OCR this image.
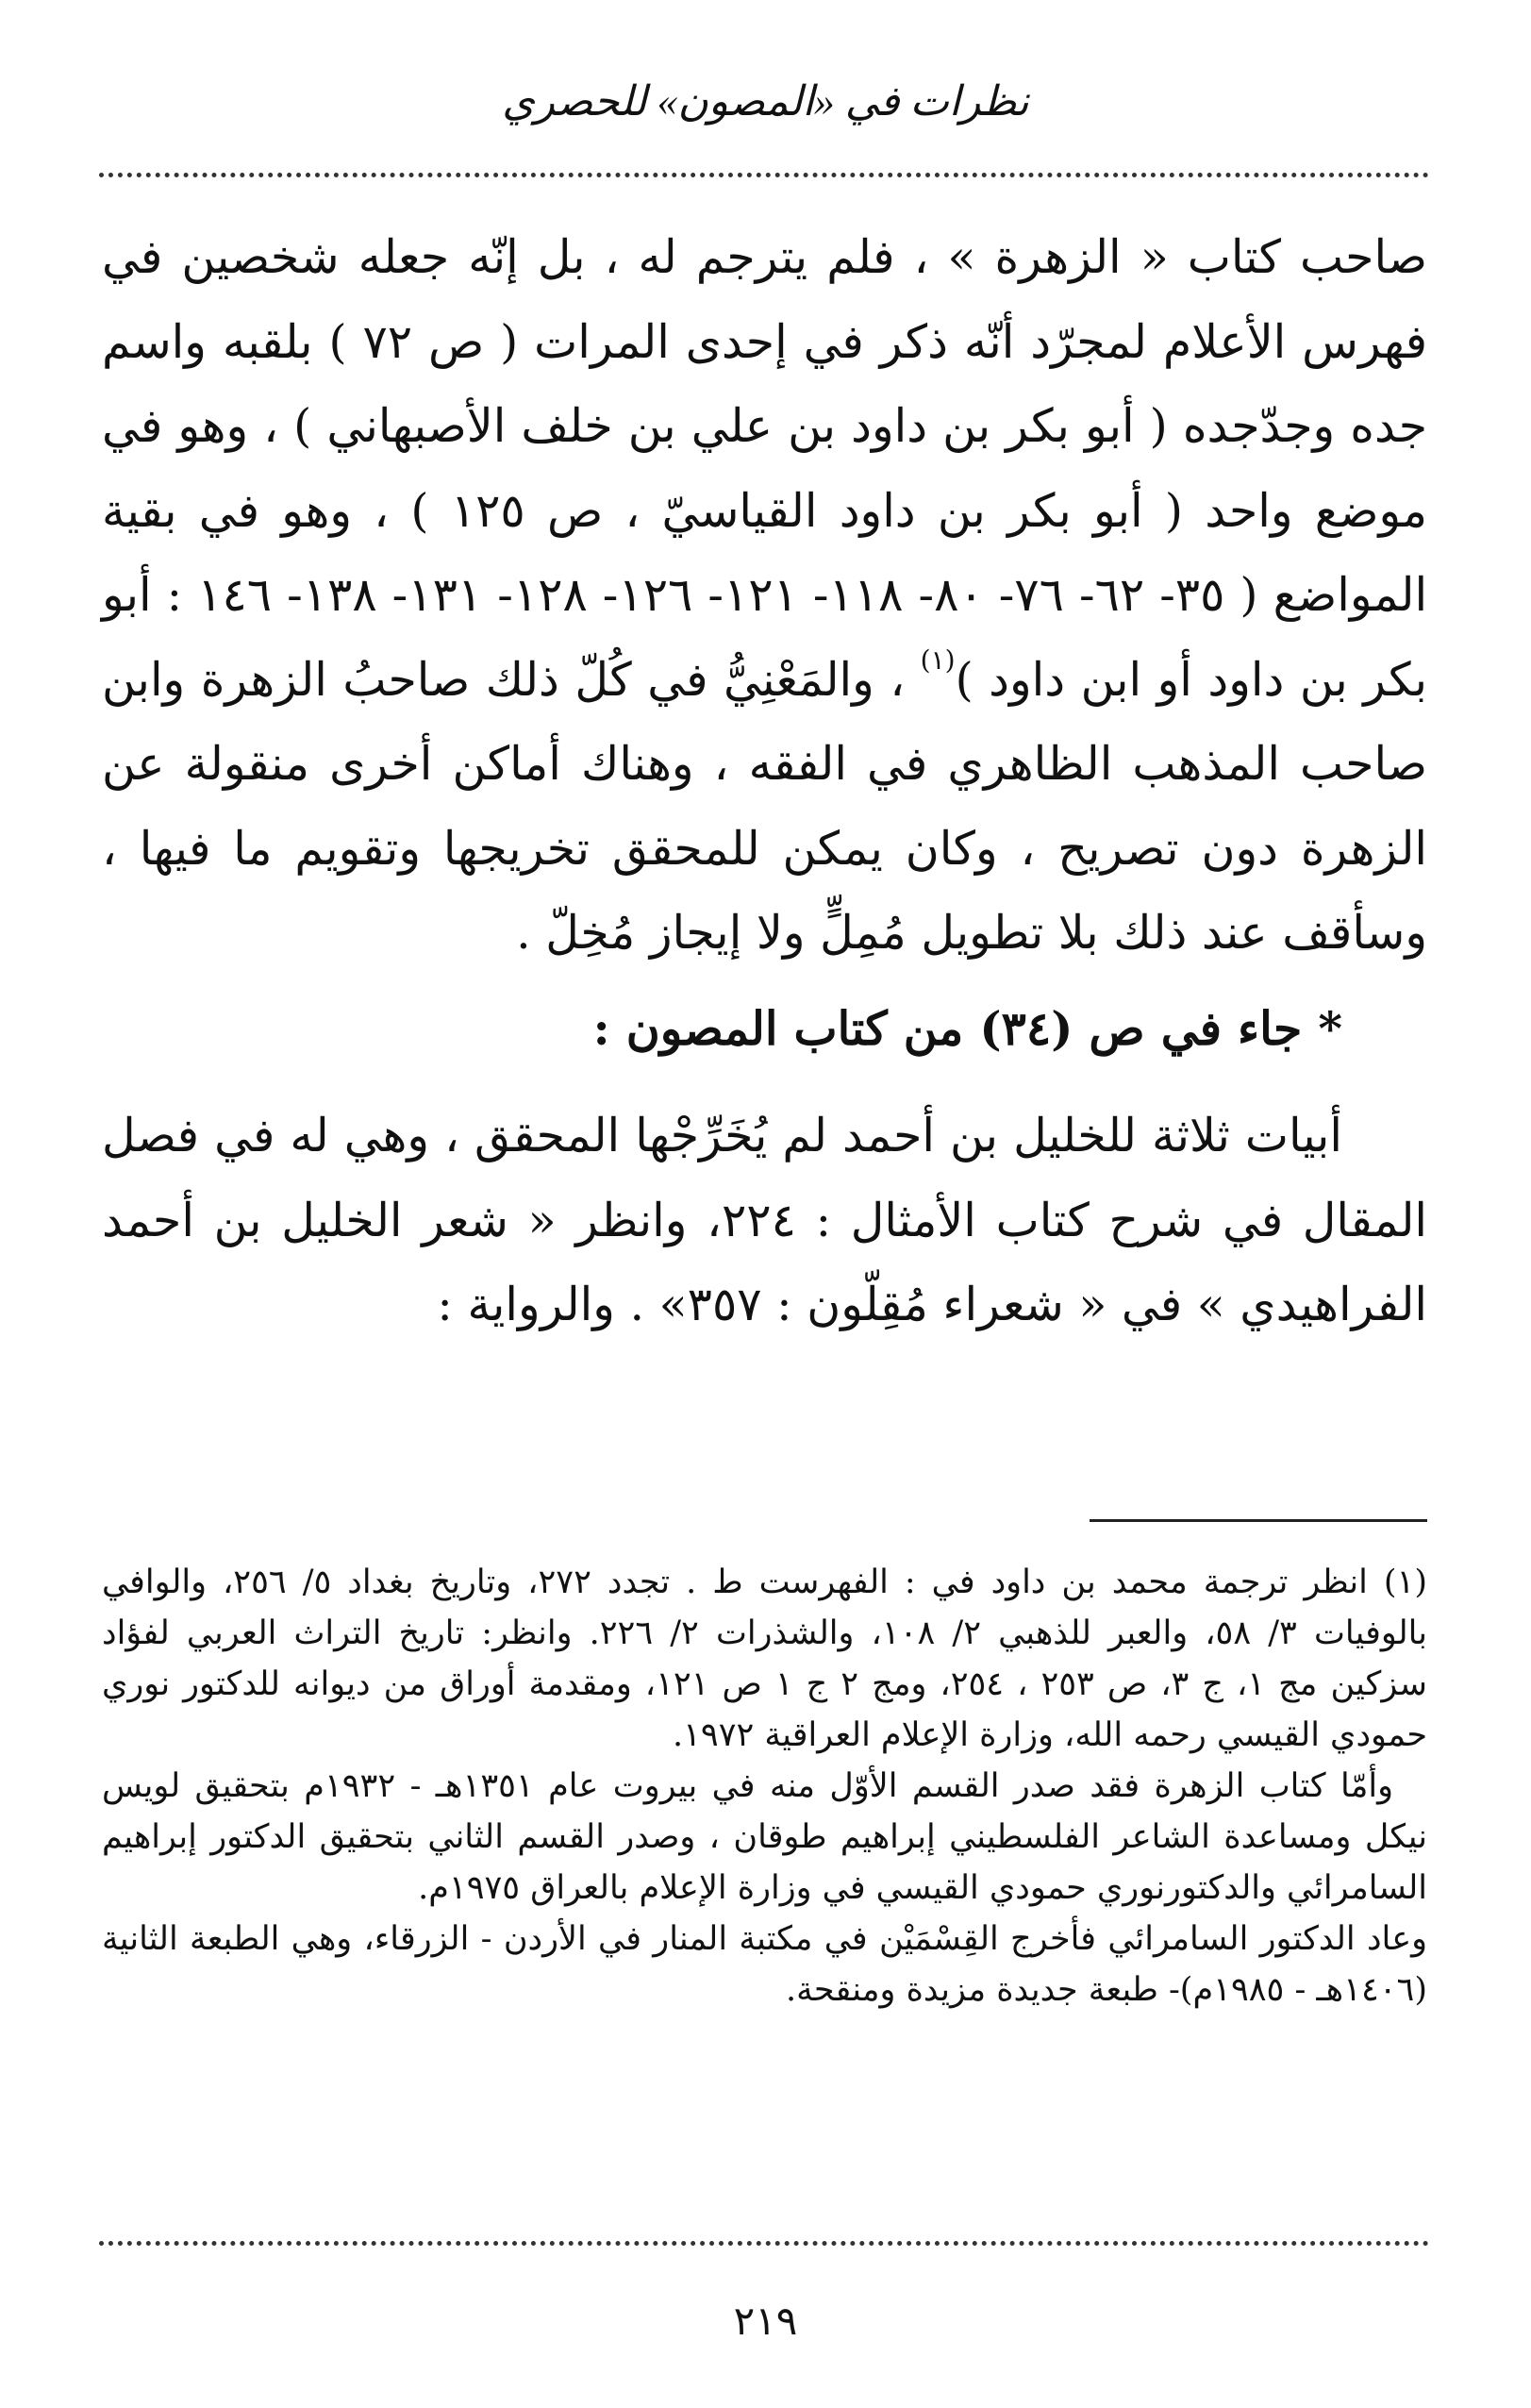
نظرات في «المصون» للحصري

صاحب كتاب « الزهرة » ، فلم يترجم له ، بل إنّه جعله شخصين في فهرس الأعلام لمجرّد أنّه ذكر في إحدى المرات ( ص ٧٢ ) بلقبه واسم جده وجدّجده ( أبو بكر بن داود بن علي بن خلف الأصبهاني ) ، وهو في موضع واحد ( أبو بكر بن داود القياسيّ ، ص ١٢٥ ) ، وهو في بقية المواضع ( ٣٥- ٦٢- ٧٦- ٨٠- ١١٨- ١٢١- ١٢٦- ١٢٨- ١٣١- ١٣٨- ١٤٦ : أبو بكر بن داود أو ابن داود )$^{(١)}$ ، والمَعْنِيُّ في كُلّ ذلك صاحبُ الزهرة وابن صاحب المذهب الظاهري في الفقه ، وهناك أماكن أخرى منقولة عن الزهرة دون تصريح ، وكان يمكن للمحقق تخريجها وتقويم ما فيها ، وسأقف عند ذلك بلا تطويل مُمِلٍّ ولا إيجاز مُخِلّ .

* جاء في ص (٣٤) من كتاب المصون :

أبيات ثلاثة للخليل بن أحمد لم يُخَرِّجْها المحقق ، وهي له في فصل المقال في شرح كتاب الأمثال : ٢٢٤، وانظر « شعر الخليل بن أحمد الفراهيدي » في « شعراء مُقِلّون : ٣٥٧» . والرواية :

(١) انظر ترجمة محمد بن داود في : الفهرست ط . تجدد ٢٧٢، وتاريخ بغداد ٥/ ٢٥٦، والوافي بالوفيات ٣/ ٥٨، والعبر للذهبي ٢/ ١٠٨، والشذرات ٢/ ٢٢٦. وانظر: تاريخ التراث العربي لفؤاد سزكين مج ١، ج ٣، ص ٢٥٣ ، ٢٥٤، ومج ٢ ج ١ ص ١٢١، ومقدمة أوراق من ديوانه للدكتور نوري حمودي القيسي رحمه الله، وزارة الإعلام العراقية ١٩٧٢.

وأمّا كتاب الزهرة فقد صدر القسم الأوّل منه في بيروت عام ١٣٥١هـ - ١٩٣٢م بتحقيق لويس نيكل ومساعدة الشاعر الفلسطيني إبراهيم طوقان ، وصدر القسم الثاني بتحقيق الدكتور إبراهيم السامرائي والدكتورنوري حمودي القيسي في وزارة الإعلام بالعراق ١٩٧٥م.

وعاد الدكتور السامرائي فأخرج القِسْمَيْن في مكتبة المنار في الأردن - الزرقاء، وهي الطبعة الثانية (١٤٠٦هـ - ١٩٨٥م)- طبعة جديدة مزيدة ومنقحة.

٢١٩
